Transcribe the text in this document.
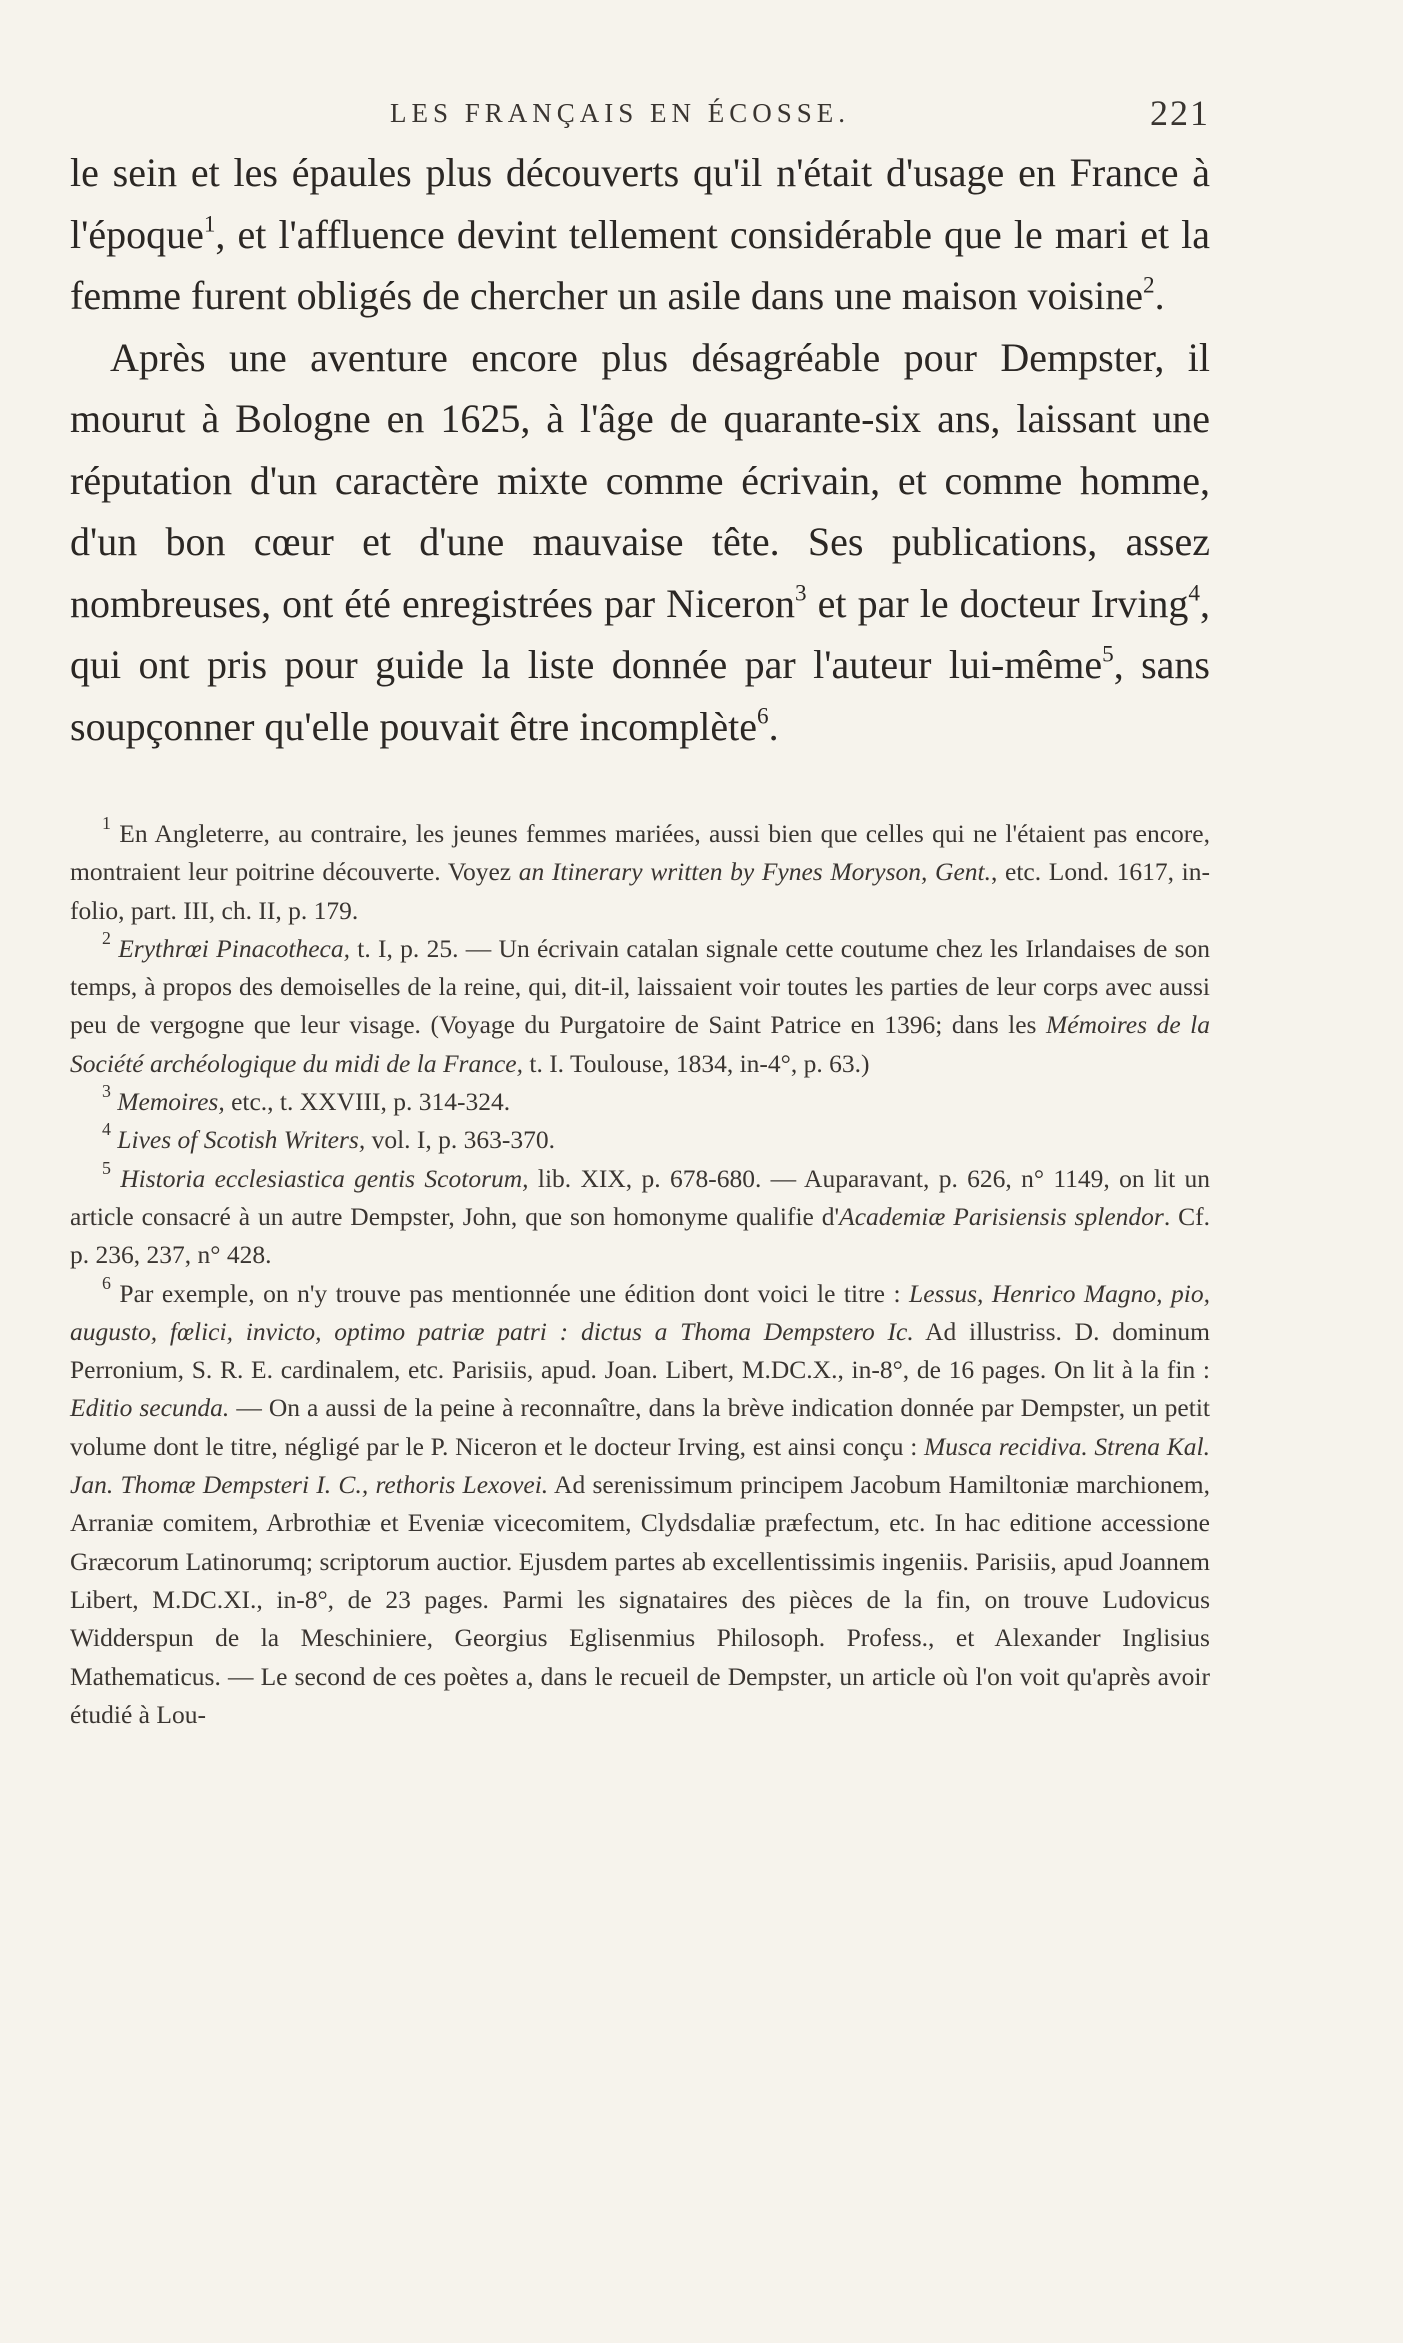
LES FRANÇAIS EN ÉCOSSE.	221

le sein et les épaules plus découverts qu'il n'était d'usage en France à l'époque$^1$, et l'affluence devint tellement considérable que le mari et la femme furent obligés de chercher un asile dans une maison voisine$^2$.

Après une aventure encore plus désagréable pour Dempster, il mourut à Bologne en 1625, à l'âge de quarante-six ans, laissant une réputation d'un caractère mixte comme écrivain, et comme homme, d'un bon cœur et d'une mauvaise tête. Ses publications, assez nombreuses, ont été enregistrées par Niceron$^3$ et par le docteur Irving$^4$, qui ont pris pour guide la liste donnée par l'auteur lui-même$^5$, sans soupçonner qu'elle pouvait être incomplète$^6$.

$^1$ En Angleterre, au contraire, les jeunes femmes mariées, aussi bien que celles qui ne l'étaient pas encore, montraient leur poitrine découverte. Voyez an Itinerary written by Fynes Moryson, Gent., etc. Lond. 1617, in-folio, part. III, ch. II, p. 179.

$^2$ Erythrœi Pinacotheca, t. I, p. 25. — Un écrivain catalan signale cette coutume chez les Irlandaises de son temps, à propos des demoiselles de la reine, qui, dit-il, laissaient voir toutes les parties de leur corps avec aussi peu de vergogne que leur visage. (Voyage du Purgatoire de Saint Patrice en 1396; dans les Mémoires de la Société archéologique du midi de la France, t. I. Toulouse, 1834, in-4°, p. 63.)

$^3$ Memoires, etc., t. XXVIII, p. 314-324.

$^4$ Lives of Scotish Writers, vol. I, p. 363-370.

$^5$ Historia ecclesiastica gentis Scotorum, lib. XIX, p. 678-680. — Auparavant, p. 626, n° 1149, on lit un article consacré à un autre Dempster, John, que son homonyme qualifie d'Academiæ Parisiensis splendor. Cf. p. 236, 237, n° 428.

$^6$ Par exemple, on n'y trouve pas mentionnée une édition dont voici le titre : Lessus, Henrico Magno, pio, augusto, fœlici, invicto, optimo patriæ patri : dictus a Thoma Dempstero Ic. Ad illustriss. D. dominum Perronium, S. R. E. cardinalem, etc. Parisiis, apud. Joan. Libert, M.DC.X., in-8°, de 16 pages. On lit à la fin : Editio secunda. — On a aussi de la peine à reconnaître, dans la brève indication donnée par Dempster, un petit volume dont le titre, négligé par le P. Niceron et le docteur Irving, est ainsi conçu : Musca recidiva. Strena Kal. Jan. Thomæ Dempsteri I. C., rethoris Lexovei. Ad serenissimum principem Jacobum Hamiltoniæ marchionem, Arraniæ comitem, Arbrothiæ et Eveniæ vicecomitem, Clydsdaliæ præfectum, etc. In hac editione accessione Græcorum Latinorumq; scriptorum auctior. Ejusdem partes ab excellentissimis ingeniis. Parisiis, apud Joannem Libert, M.DC.XI., in-8°, de 23 pages. Parmi les signataires des pièces de la fin, on trouve Ludovicus Widderspun de la Meschiniere, Georgius Eglisenmius Philosoph. Profess., et Alexander Inglisius Mathematicus. — Le second de ces poètes a, dans le recueil de Dempster, un article où l'on voit qu'après avoir étudié à Lou-
